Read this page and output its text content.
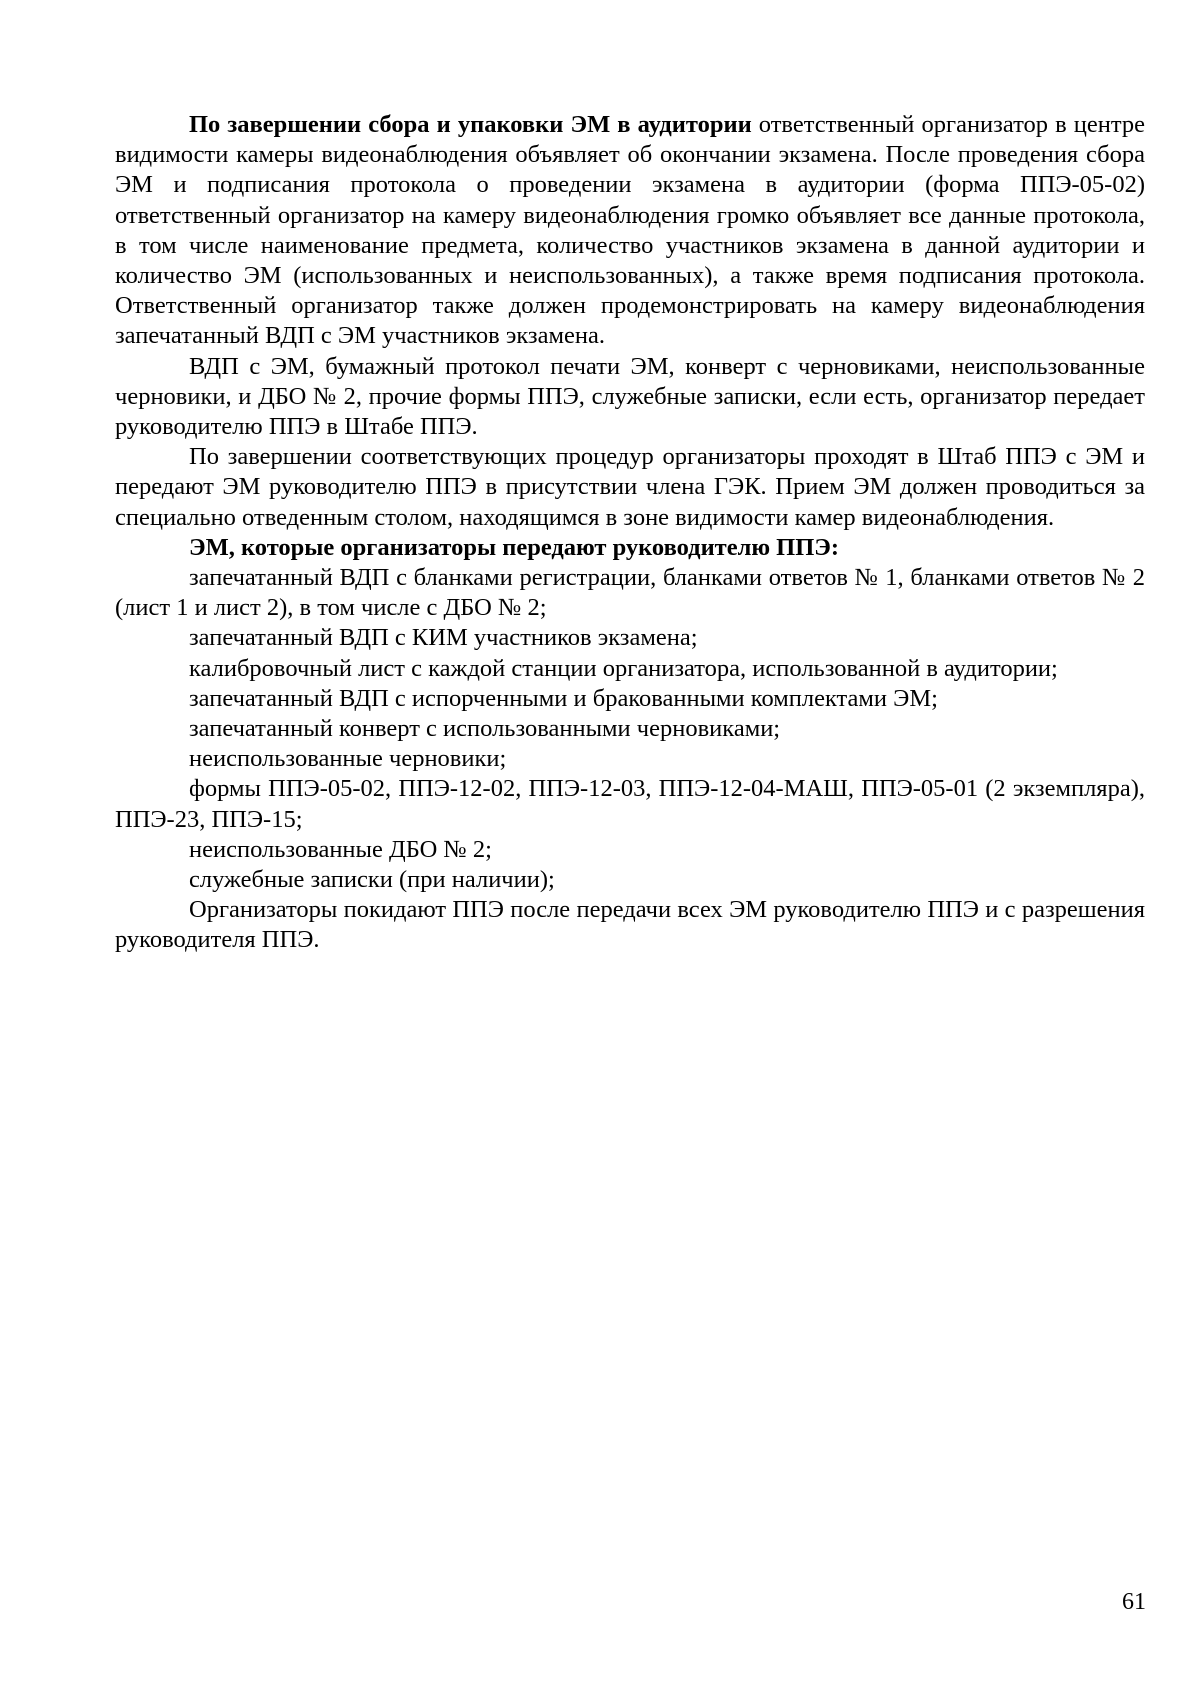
По завершении сбора и упаковки ЭМ в аудитории ответственный организатор в центре видимости камеры видеонаблюдения объявляет об окончании экзамена. После проведения сбора ЭМ и подписания протокола о проведении экзамена в аудитории (форма ППЭ-05-02) ответственный организатор на камеру видеонаблюдения громко объявляет все данные протокола, в том числе наименование предмета, количество участников экзамена в данной аудитории и количество ЭМ (использованных и неиспользованных), а также время подписания протокола. Ответственный организатор также должен продемонстрировать на камеру видеонаблюдения запечатанный ВДП с ЭМ участников экзамена.

ВДП с ЭМ, бумажный протокол печати ЭМ, конверт с черновиками, неиспользованные черновики, и ДБО № 2, прочие формы ППЭ, служебные записки, если есть, организатор передает руководителю ППЭ в Штабе ППЭ.

По завершении соответствующих процедур организаторы проходят в Штаб ППЭ с ЭМ и передают ЭМ руководителю ППЭ в присутствии члена ГЭК. Прием ЭМ должен проводиться за специально отведенным столом, находящимся в зоне видимости камер видеонаблюдения.

ЭМ, которые организаторы передают руководителю ППЭ:

запечатанный ВДП с бланками регистрации, бланками ответов № 1, бланками ответов № 2 (лист 1 и лист 2), в том числе с ДБО № 2;

запечатанный ВДП с КИМ участников экзамена;

калибровочный лист с каждой станции организатора, использованной в аудитории;

запечатанный ВДП с испорченными и бракованными комплектами ЭМ;

запечатанный конверт с использованными черновиками;

неиспользованные черновики;

формы ППЭ-05-02, ППЭ-12-02, ППЭ-12-03, ППЭ-12-04-МАШ, ППЭ-05-01 (2 экземпляра), ППЭ-23, ППЭ-15;

неиспользованные ДБО № 2;

служебные записки (при наличии);

Организаторы покидают ППЭ после передачи всех ЭМ руководителю ППЭ и с разрешения руководителя ППЭ.

61
